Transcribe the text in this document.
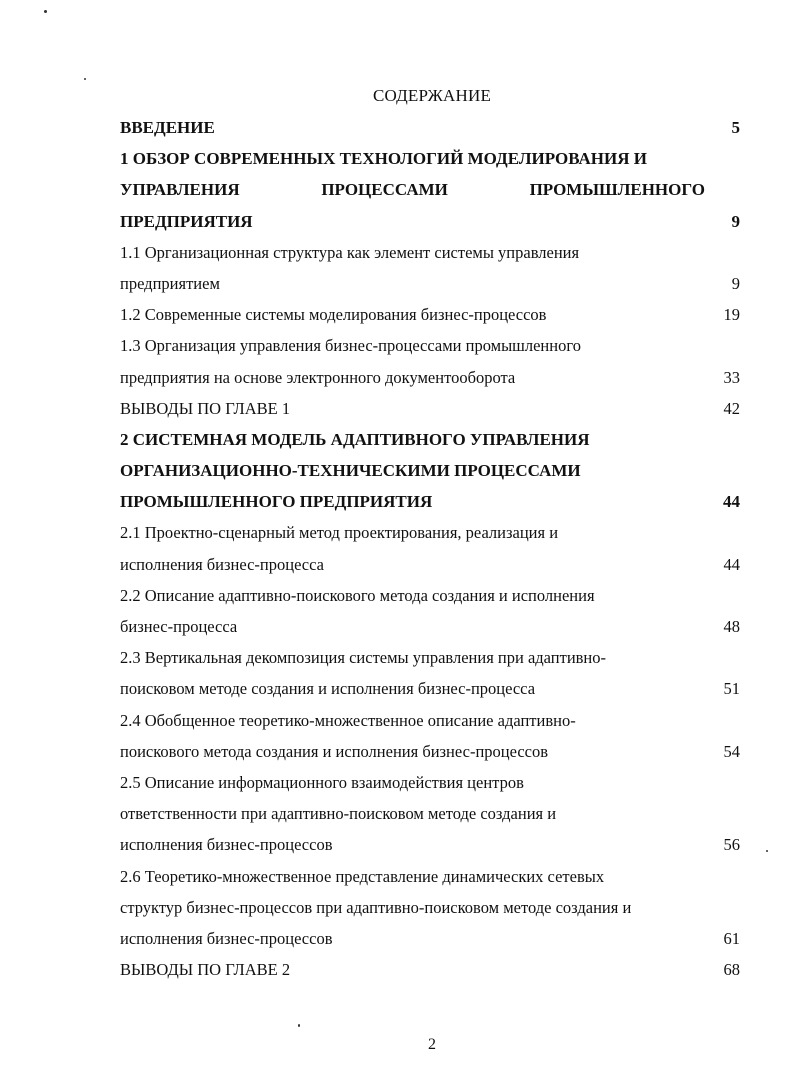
СОДЕРЖАНИЕ
ВВЕДЕНИЕ	5
1 ОБЗОР СОВРЕМЕННЫХ ТЕХНОЛОГИЙ МОДЕЛИРОВАНИЯ И
УПРАВЛЕНИЯ	ПРОЦЕССАМИ	ПРОМЫШЛЕННОГО
ПРЕДПРИЯТИЯ	9
1.1 Организационная структура как элемент системы управления
предприятием	9
1.2 Современные системы моделирования бизнес-процессов	19
1.3 Организация управления бизнес-процессами промышленного
предприятия на основе электронного документооборота	33
ВЫВОДЫ ПО ГЛАВЕ 1	42
2 СИСТЕМНАЯ МОДЕЛЬ АДАПТИВНОГО УПРАВЛЕНИЯ
ОРГАНИЗАЦИОННО-ТЕХНИЧЕСКИМИ ПРОЦЕССАМИ
ПРОМЫШЛЕННОГО ПРЕДПРИЯТИЯ	44
2.1 Проектно-сценарный метод проектирования, реализация и
исполнения бизнес-процесса	44
2.2 Описание адаптивно-поискового метода создания и исполнения
бизнес-процесса	48
2.3 Вертикальная декомпозиция системы управления при адаптивно-
поисковом методе создания и исполнения бизнес-процесса	51
2.4 Обобщенное теоретико-множественное описание адаптивно-
поискового метода создания и исполнения бизнес-процессов	54
2.5 Описание информационного взаимодействия центров
ответственности при адаптивно-поисковом методе создания и
исполнения бизнес-процессов	56
2.6 Теоретико-множественное представление динамических сетевых
структур бизнес-процессов при адаптивно-поисковом методе создания и
исполнения бизнес-процессов	61
ВЫВОДЫ ПО ГЛАВЕ 2	68
2
